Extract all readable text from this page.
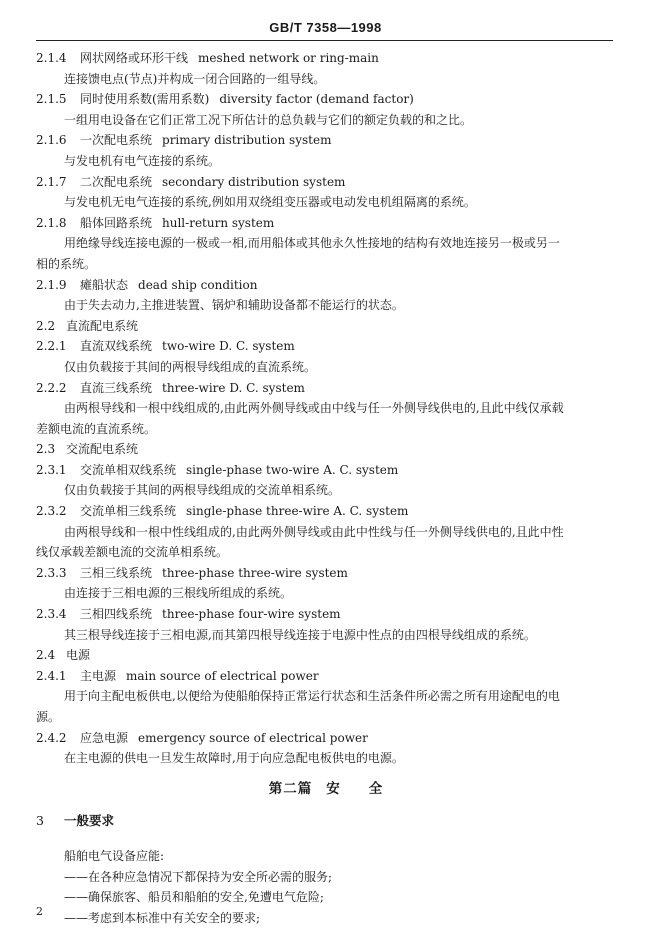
GB/T 7358—1998
2.1.4 网状网络或环形干线 meshed network or ring-main
连接馈电点(节点)并构成一闭合回路的一组导线。
2.1.5 同时使用系数(需用系数) diversity factor (demand factor)
一组用电设备在它们正常工况下所估计的总负载与它们的额定负载的和之比。
2.1.6 一次配电系统 primary distribution system
与发电机有电气连接的系统。
2.1.7 二次配电系统 secondary distribution system
与发电机无电气连接的系统,例如用双绕组变压器或电动发电机组隔离的系统。
2.1.8 船体回路系统 hull-return system
用绝缘导线连接电源的一极或一相,而用船体或其他永久性接地的结构有效地连接另一极或另一
相的系统。
2.1.9 瘫船状态 dead ship condition
由于失去动力,主推进装置、锅炉和辅助设备都不能运行的状态。
2.2 直流配电系统
2.2.1 直流双线系统 two-wire D. C. system
仅由负载接于其间的两根导线组成的直流系统。
2.2.2 直流三线系统 three-wire D. C. system
由两根导线和一根中线组成的,由此两外侧导线或由中线与任一外侧导线供电的,且此中线仅承载
差额电流的直流系统。
2.3 交流配电系统
2.3.1 交流单相双线系统 single-phase two-wire A. C. system
仅由负载接于其间的两根导线组成的交流单相系统。
2.3.2 交流单相三线系统 single-phase three-wire A. C. system
由两根导线和一根中性线组成的,由此两外侧导线或由此中性线与任一外侧导线供电的,且此中性
线仅承载差额电流的交流单相系统。
2.3.3 三相三线系统 three-phase three-wire system
由连接于三相电源的三根线所组成的系统。
2.3.4 三相四线系统 three-phase four-wire system
其三根导线连接于三相电源,而其第四根导线连接于电源中性点的由四根导线组成的系统。
2.4 电源
2.4.1 主电源 main source of electrical power
用于向主配电板供电,以便给为使船舶保持正常运行状态和生活条件所必需之所有用途配电的电
源。
2.4.2 应急电源 emergency source of electrical power
在主电源的供电一旦发生故障时,用于向应急配电板供电的电源。
第二篇 安 全
3 一般要求
船舶电气设备应能:
——在各种应急情况下都保持为安全所必需的服务;
——确保旅客、船员和船舶的安全,免遭电气危险;
——考虑到本标准中有关安全的要求;
2
